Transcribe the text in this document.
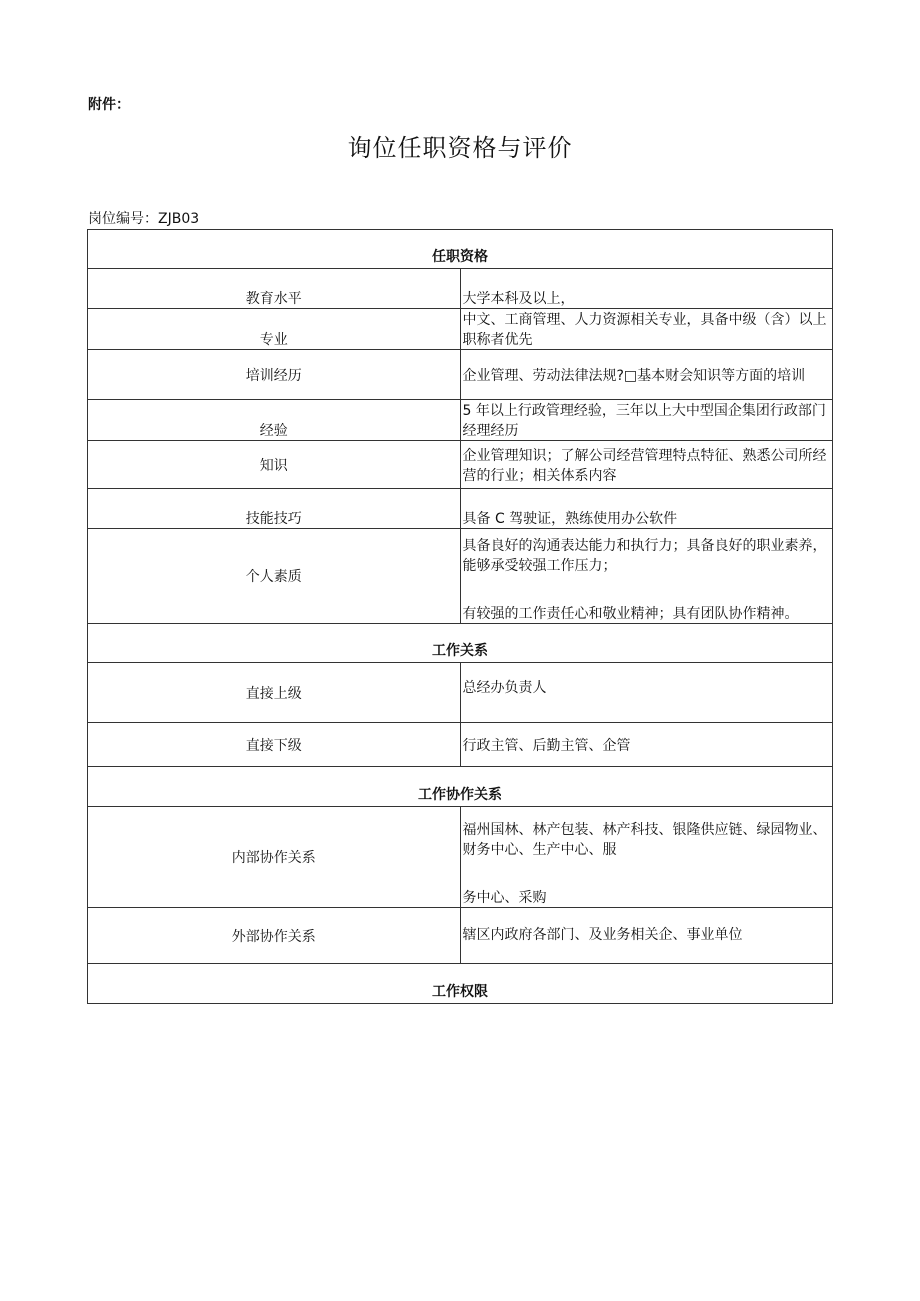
附件：
询位任职资格与评价
岗位编号：ZJB03
任职资格	
教育水平	大学本科及以上，
专业	中文、工商管理、人力资源相关专业，具备中级（含）以上职称者优先
培训经历	企业管理、劳动法律法规?□基本财会知识等方面的培训
经验	5 年以上行政管理经验，三年以上大中型国企集团行政部门经理经历
知识	企业管理知识；了解公司经营管理特点特征、熟悉公司所经营的行业；相关体系内容
技能技巧	具备 C 驾驶证，熟练使用办公软件
个人素质	具备良好的沟通表达能力和执行力；具备良好的职业素养，能够承受较强工作压力；
有较强的工作责任心和敬业精神；具有团队协作精神。

工作关系	
直接上级	总经办负责人
直接下级	行政主管、后勤主管、企管
工作协作关系	
内部协作关系	福州国林、林产包装、林产科技、银隆供应链、绿园物业、财务中心、生产中心、服
务中心、采购

外部协作关系	辖区内政府各部门、及业务相关企、事业单位
工作权限	
